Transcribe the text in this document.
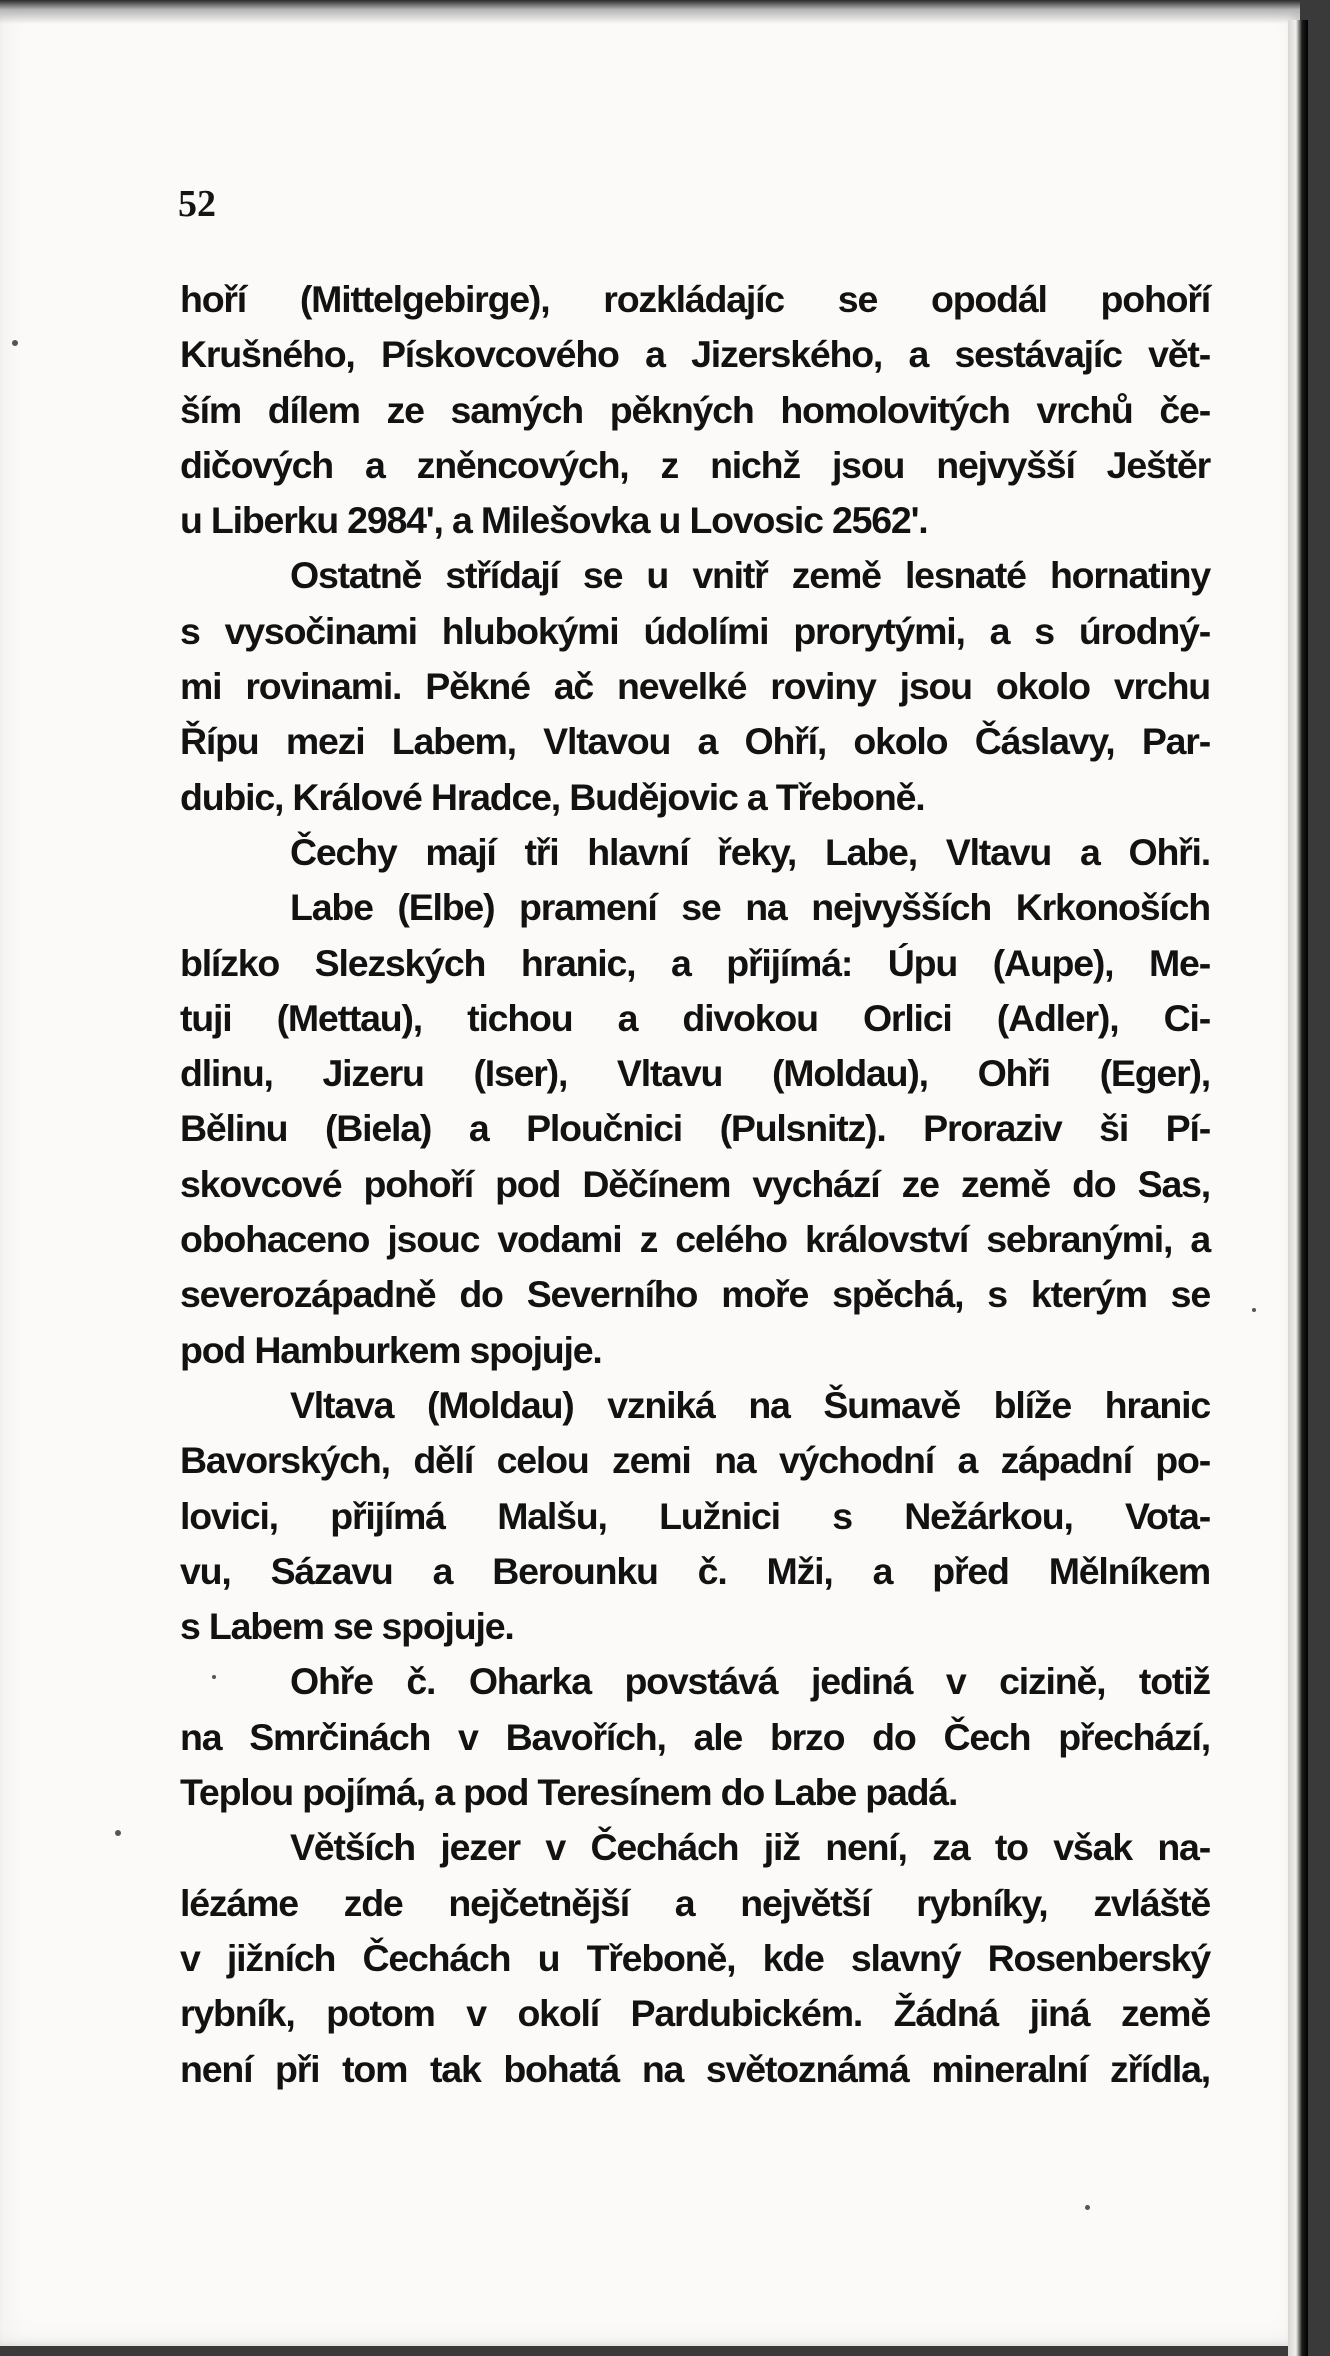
52
hoří (Mittelgebirge), rozkládajíc se opodál pohoří
Krušného, Pískovcového a Jizerského, a sestávajíc vět-
ším dílem ze samých pěkných homolovitých vrchů če-
dičových a zněncových, z nichž jsou nejvyšší Ještěr
u Liberku 2984', a Milešovka u Lovosic 2562'.
Ostatně střídají se u vnitř země lesnaté hornatiny
s vysočinami hlubokými údolími prorytými, a s úrodný-
mi rovinami. Pěkné ač nevelké roviny jsou okolo vrchu
Řípu mezi Labem, Vltavou a Ohří, okolo Čáslavy, Par-
dubic, Králové Hradce, Budějovic a Třeboně.
Čechy mají tři hlavní řeky, Labe, Vltavu a Ohři.
Labe (Elbe) pramení se na nejvyšších Krkonoších
blízko Slezských hranic, a přijímá: Úpu (Aupe), Me-
tuji (Mettau), tichou a divokou Orlici (Adler), Ci-
dlinu, Jizeru (Iser), Vltavu (Moldau), Ohři (Eger),
Bělinu (Biela) a Ploučnici (Pulsnitz). Proraziv ši Pí-
skovcové pohoří pod Děčínem vychází ze země do Sas,
obohaceno jsouc vodami z celého království sebranými, a
severozápadně do Severního moře spěchá, s kterým se
pod Hamburkem spojuje.
Vltava (Moldau) vzniká na Šumavě blíže hranic
Bavorských, dělí celou zemi na východní a západní po-
lovici, přijímá Malšu, Lužnici s Nežárkou, Vota-
vu, Sázavu a Berounku č. Mži, a před Mělníkem
s Labem se spojuje.
Ohře č. Oharka povstává jediná v cizině, totiž
na Smrčinách v Bavořích, ale brzo do Čech přechází,
Teplou pojímá, a pod Teresínem do Labe padá.
Větších jezer v Čechách již není, za to však na-
lézáme zde nejčetnější a největší rybníky, zvláště
v jižních Čechách u Třeboně, kde slavný Rosenberský
rybník, potom v okolí Pardubickém. Žádná jiná země
není při tom tak bohatá na světoznámá mineralní zřídla,
